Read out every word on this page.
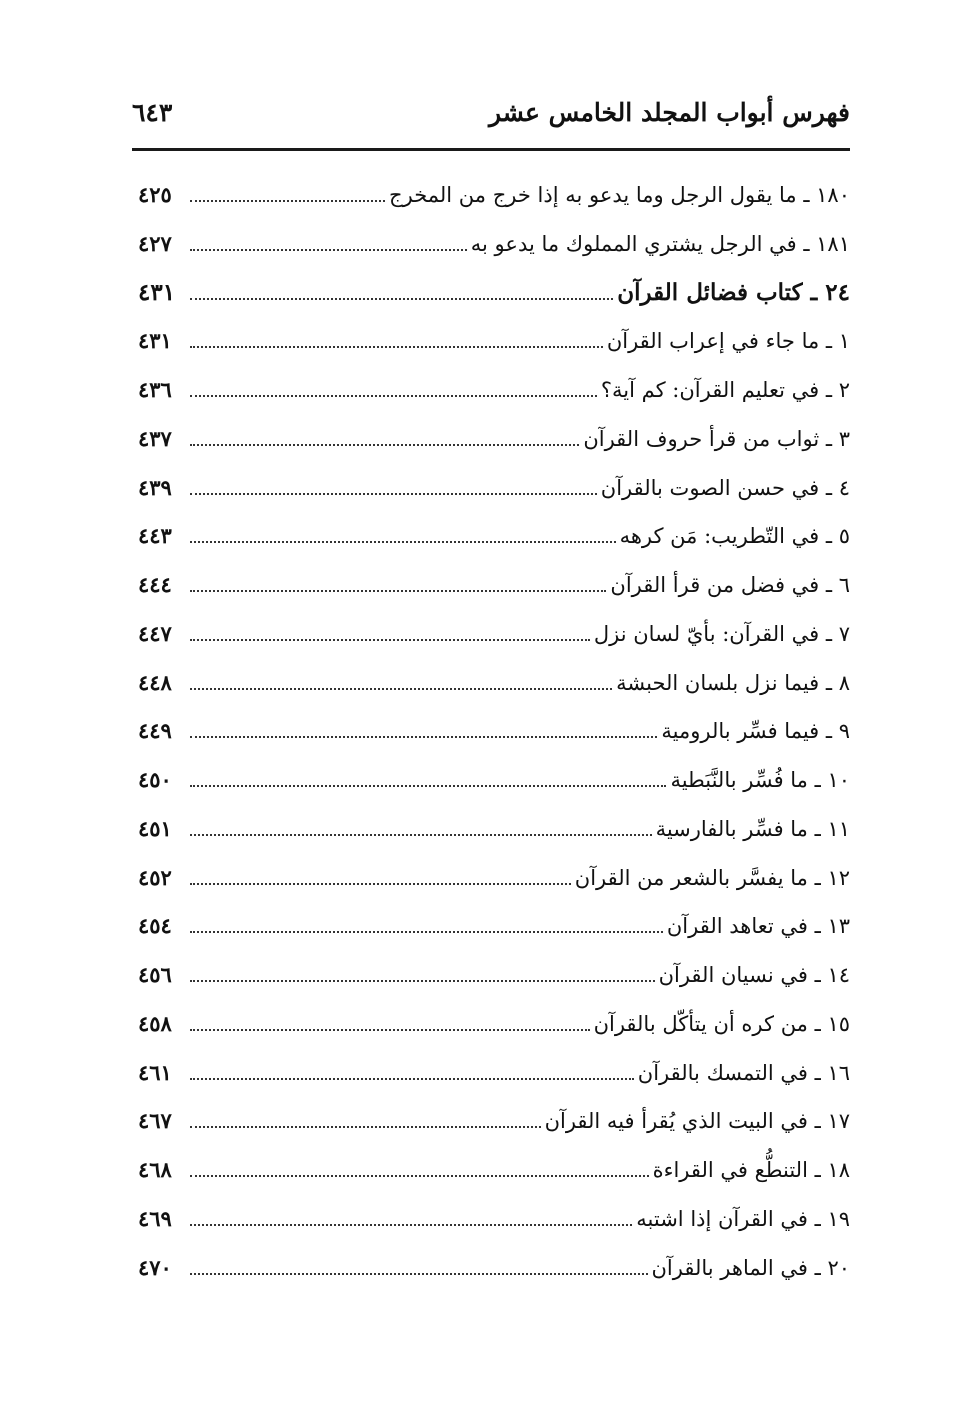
فهرس أبواب المجلد الخامس عشر
٦٤٣
١٨٠ ـ ما يقول الرجل وما يدعو به إذا خرج من المخرج
٤٢٥
١٨١ ـ في الرجل يشتري المملوك ما يدعو به
٤٢٧
٢٤ ـ كتاب فضائل القرآن
٤٣١
١ ـ ما جاء في إعراب القرآن
٤٣١
٢ ـ في تعليم القرآن: كم آية؟
٤٣٦
٣ ـ ثواب من قرأ حروف القرآن
٤٣٧
٤ ـ في حسن الصوت بالقرآن
٤٣٩
٥ ـ في التّطريب: مَن كرهه
٤٤٣
٦ ـ في فضل من قرأ القرآن
٤٤٤
٧ ـ في القرآن: بأيّ لسان نزل
٤٤٧
٨ ـ فيما نزل بلسان الحبشة
٤٤٨
٩ ـ فيما فسِّر بالرومية
٤٤٩
١٠ ـ ما فُسِّر بالنَّبَطية
٤٥٠
١١ ـ ما فسِّر بالفارسية
٤٥١
١٢ ـ ما يفسَّر بالشعر من القرآن
٤٥٢
١٣ ـ في تعاهد القرآن
٤٥٤
١٤ ـ في نسيان القرآن
٤٥٦
١٥ ـ من كره أن يتأكّل بالقرآن
٤٥٨
١٦ ـ في التمسك بالقرآن
٤٦١
١٧ ـ في البيت الذي يُقرأ فيه القرآن
٤٦٧
١٨ ـ التنطُّع في القراءة
٤٦٨
١٩ ـ في القرآن إذا اشتبه
٤٦٩
٢٠ ـ في الماهر بالقرآن
٤٧٠
